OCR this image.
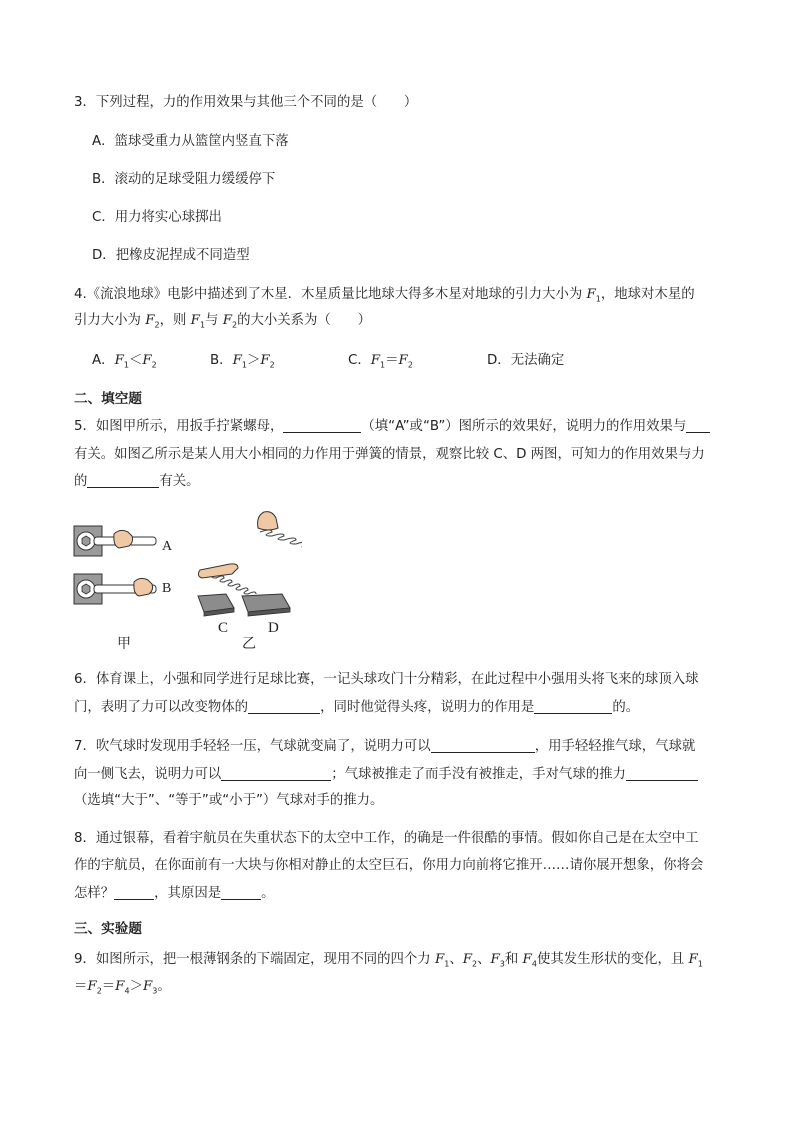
3．下列过程，力的作用效果与其他三个不同的是（　　）
A．篮球受重力从篮筐内竖直下落
B．滚动的足球受阻力缓缓停下
C．用力将实心球掷出
D．把橡皮泥捏成不同造型
4.《流浪地球》电影中描述到了木星．木星质量比地球大得多木星对地球的引力大小为 $F_1$，地球对木星的
引力大小为 $F_2$，则 $F_1$与 $F_2$的大小关系为（　　）
A．$F_1<F_2$	B．$F_1>F_2$	C．$F_1=F_2$	D．无法确定
二、填空题
5．如图甲所示，用扳手拧紧螺母，	（填“A”或“B”）图所示的效果好，说明力的作用效果与
有关。如图乙所示是某人用大小相同的力作用于弹簧的情景，观察比较 C、D 两图，可知力的作用效果与力
的	有关。
A
B
甲
C	D
乙
6．体育课上，小强和同学进行足球比赛，一记头球攻门十分精彩，在此过程中小强用头将飞来的球顶入球
门，表明了力可以改变物体的	，同时他觉得头疼，说明力的作用是	的。
7．吹气球时发现用手轻轻一压，气球就变扁了，说明力可以	，用手轻轻推气球，气球就
向一侧飞去，说明力可以	；气球被推走了而手没有被推走，手对气球的推力
（选填“大于”、“等于”或“小于”）气球对手的推力。
8．通过银幕，看着宇航员在失重状态下的太空中工作，的确是一件很酷的事情。假如你自己是在太空中工
作的宇航员，在你面前有一大块与你相对静止的太空巨石，你用力向前将它推开……请你展开想象，你将会
怎样？	，其原因是	。
三、实验题
9．如图所示，把一根薄钢条的下端固定，现用不同的四个力 $F_1$、$F_2$、$F_3$和 $F_4$使其发生形状的变化，且 $F_1$
$=F_2=F_4>F_3$。
